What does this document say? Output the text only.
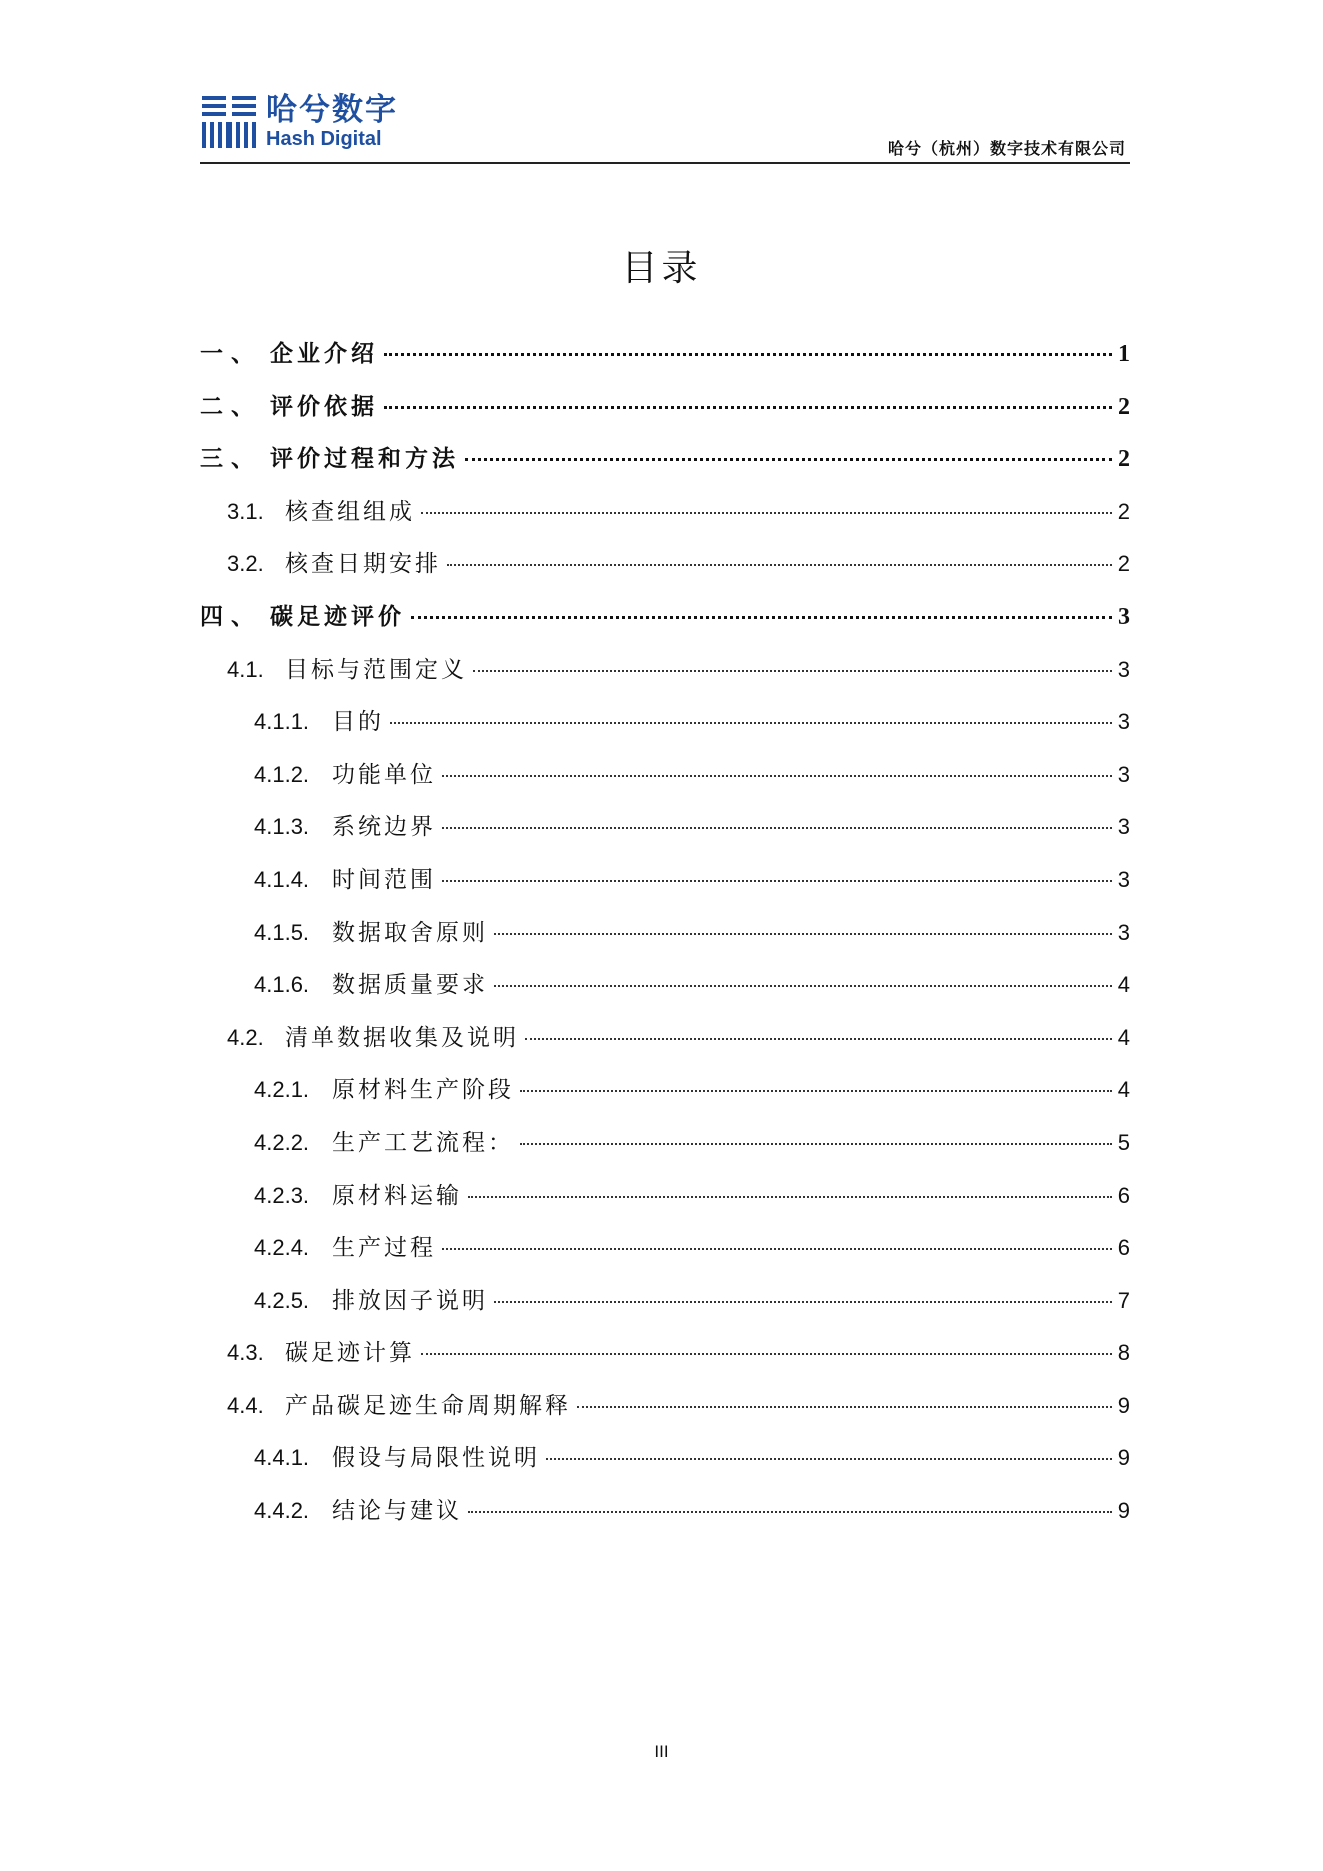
哈兮数字
Hash Digital	哈兮（杭州）数字技术有限公司
目录
一、 企业介绍	1
二、 评价依据	2
三、 评价过程和方法	2
3.1. 核查组组成	2
3.2. 核查日期安排	2
四、 碳足迹评价	3
4.1. 目标与范围定义	3
4.1.1. 目的	3
4.1.2. 功能单位	3
4.1.3. 系统边界	3
4.1.4. 时间范围	3
4.1.5. 数据取舍原则	3
4.1.6. 数据质量要求	4
4.2. 清单数据收集及说明	4
4.2.1. 原材料生产阶段	4
4.2.2. 生产工艺流程：	5
4.2.3. 原材料运输	6
4.2.4. 生产过程	6
4.2.5. 排放因子说明	7
4.3. 碳足迹计算	8
4.4. 产品碳足迹生命周期解释	9
4.4.1. 假设与局限性说明	9
4.4.2. 结论与建议	9
III
